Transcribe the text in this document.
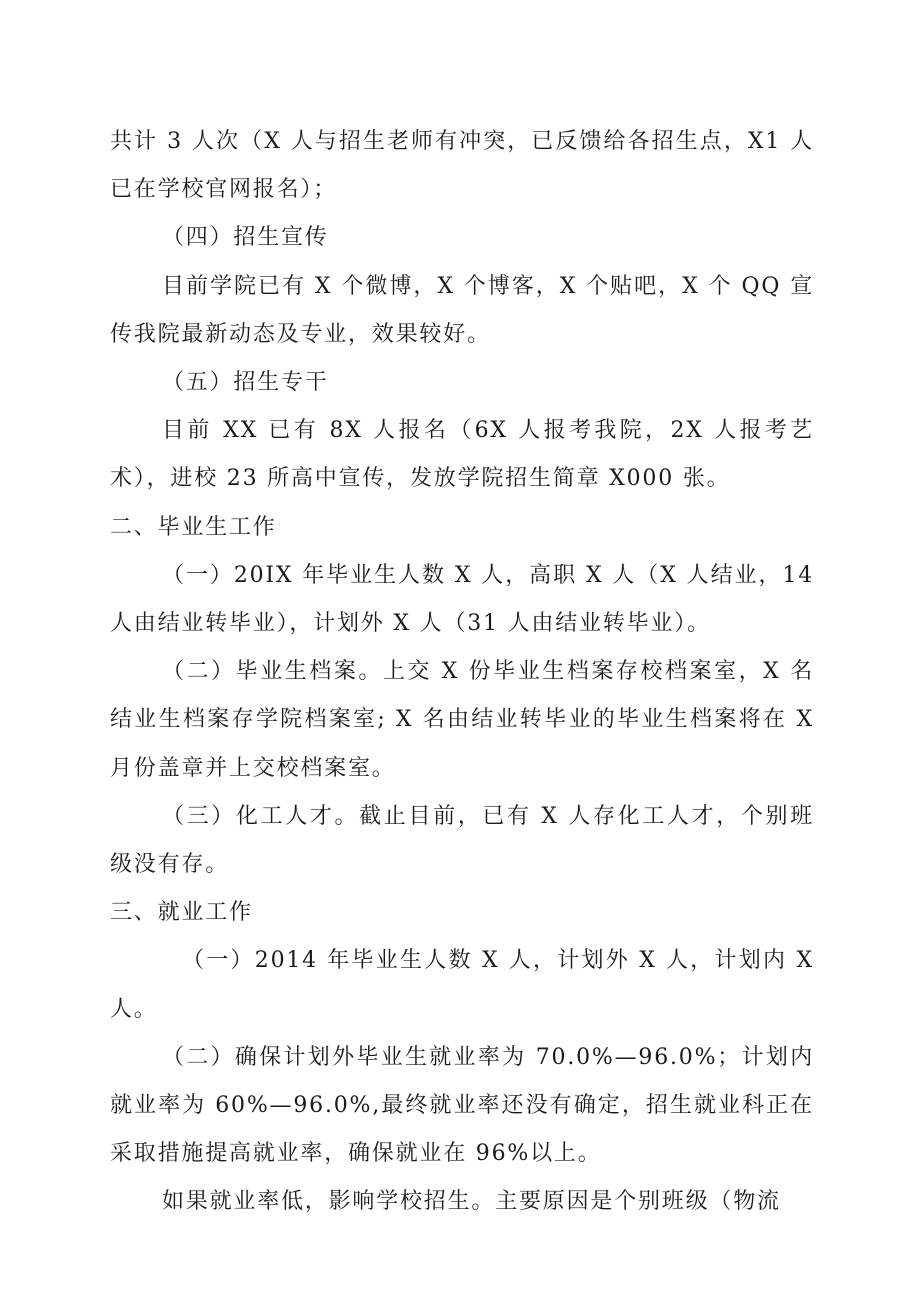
共计 3 人次（X 人与招生老师有冲突，已反馈给各招生点，X1 人已在学校官网报名）；

（四）招生宣传

目前学院已有 X 个微博，X 个博客，X 个贴吧，X 个 QQ 宣传我院最新动态及专业，效果较好。

（五）招生专干

目前 XX 已有 8X 人报名（6X 人报考我院，2X 人报考艺术），进校 23 所高中宣传，发放学院招生简章 X000 张。

二、毕业生工作

（一）20IX 年毕业生人数 X 人，高职 X 人（X 人结业，14 人由结业转毕业），计划外 X 人（31 人由结业转毕业）。

（二）毕业生档案。上交 X 份毕业生档案存校档案室，X 名结业生档案存学院档案室; X 名由结业转毕业的毕业生档案将在 X 月份盖章并上交校档案室。

（三）化工人才。截止目前，已有 X 人存化工人才，个别班级没有存。

三、就业工作

（一）2014 年毕业生人数 X 人，计划外 X 人，计划内 X 人。

（二）确保计划外毕业生就业率为 70.0%—96.0%；计划内就业率为 60%—96.0%,最终就业率还没有确定，招生就业科正在采取措施提高就业率，确保就业在 96%以上。

如果就业率低，影响学校招生。主要原因是个别班级（物流
